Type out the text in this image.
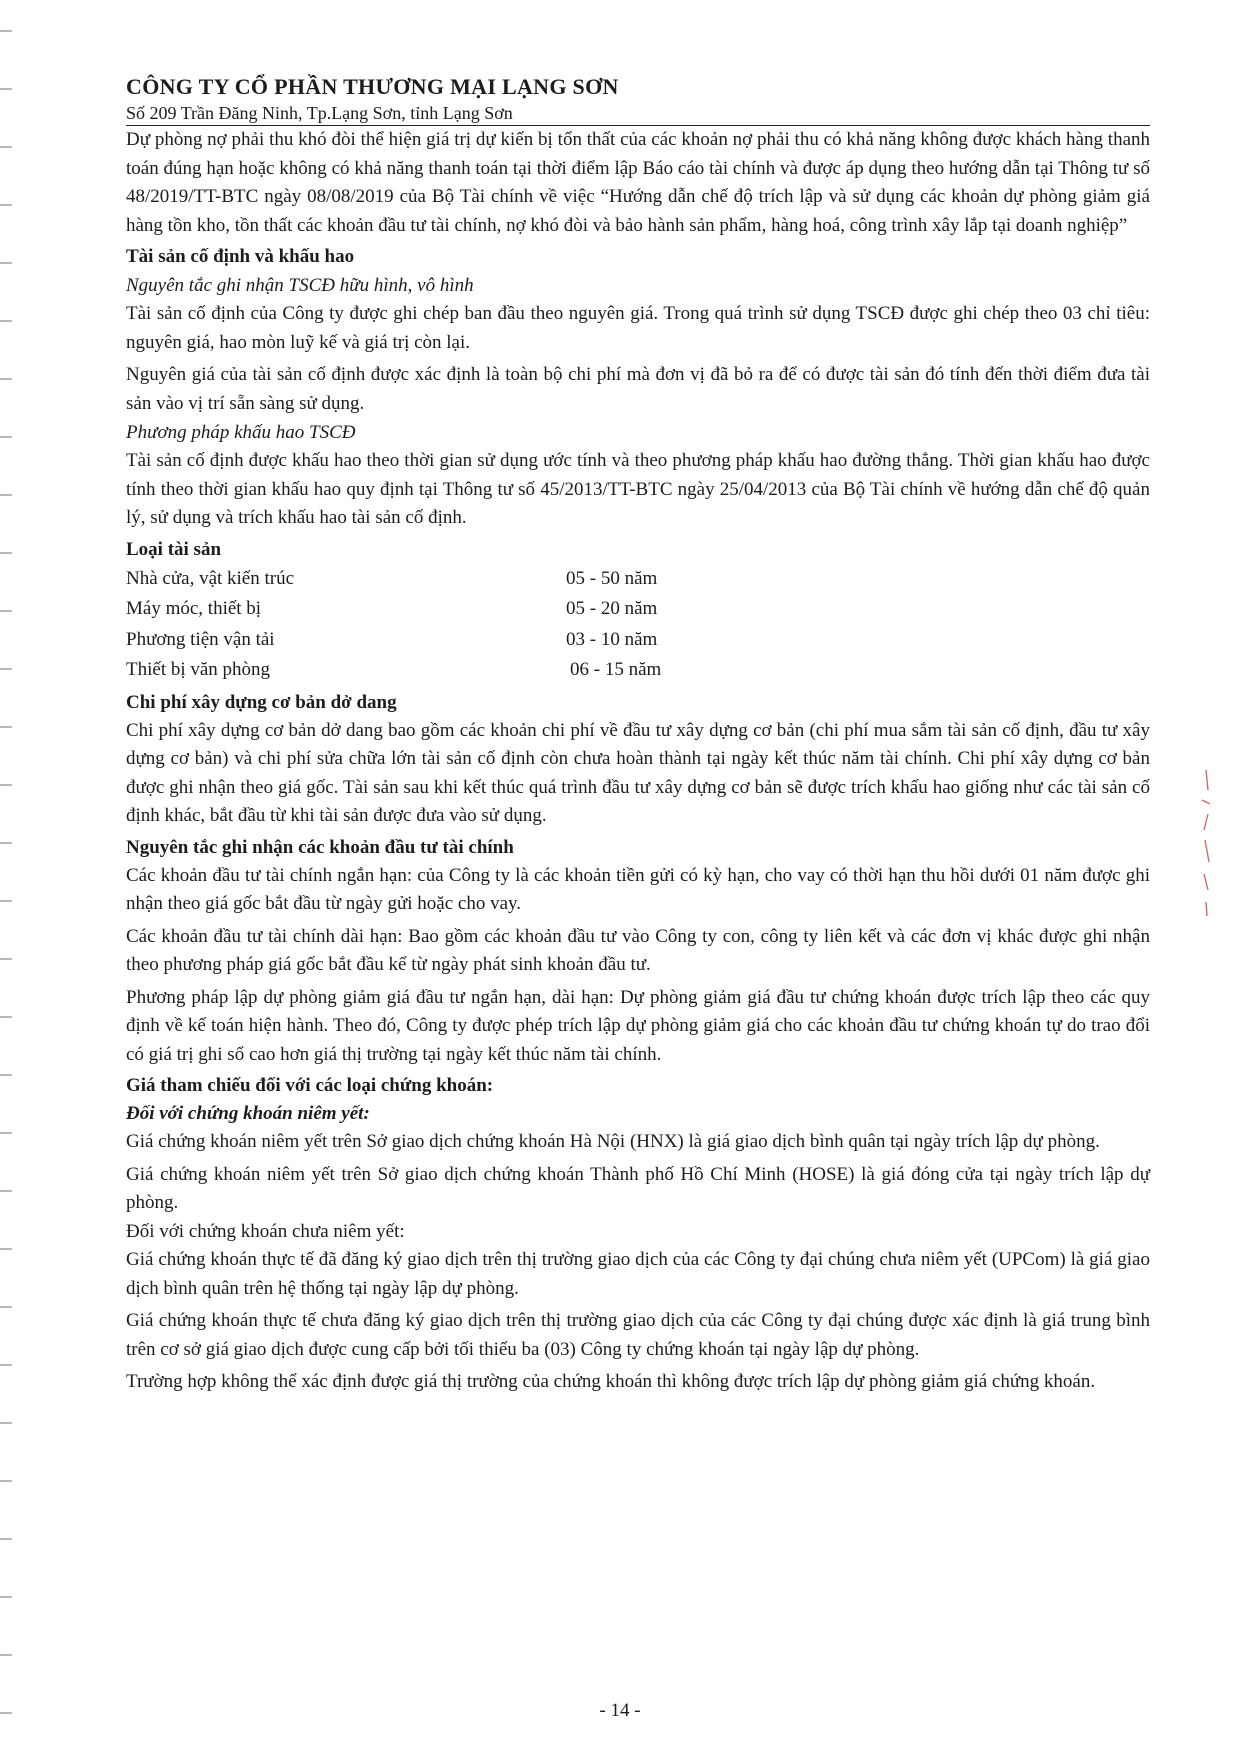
CÔNG TY CỔ PHẦN THƯƠNG MẠI LẠNG SƠN
Số 209 Trần Đăng Ninh, Tp.Lạng Sơn, tỉnh Lạng Sơn

Dự phòng nợ phải thu khó đòi thể hiện giá trị dự kiến bị tổn thất của các khoản nợ phải thu có khả năng không được khách hàng thanh toán đúng hạn hoặc không có khả năng thanh toán tại thời điểm lập Báo cáo tài chính và được áp dụng theo hướng dẫn tại Thông tư số 48/2019/TT-BTC ngày 08/08/2019 của Bộ Tài chính về việc “Hướng dẫn chế độ trích lập và sử dụng các khoản dự phòng giảm giá hàng tồn kho, tồn thất các khoản đầu tư tài chính, nợ khó đòi và bảo hành sản phẩm, hàng hoá, công trình xây lắp tại doanh nghiệp”

Tài sản cố định và khấu hao
Nguyên tắc ghi nhận TSCĐ hữu hình, vô hình

Tài sản cố định của Công ty được ghi chép ban đầu theo nguyên giá. Trong quá trình sử dụng TSCĐ được ghi chép theo 03 chỉ tiêu: nguyên giá, hao mòn luỹ kế và giá trị còn lại.

Nguyên giá của tài sản cố định được xác định là toàn bộ chi phí mà đơn vị đã bỏ ra để có được tài sản đó tính đến thời điểm đưa tài sản vào vị trí sẵn sàng sử dụng.

Phương pháp khấu hao TSCĐ

Tài sản cố định được khấu hao theo thời gian sử dụng ước tính và theo phương pháp khấu hao đường thẳng. Thời gian khấu hao được tính theo thời gian khấu hao quy định tại Thông tư số 45/2013/TT-BTC ngày 25/04/2013 của Bộ Tài chính về hướng dẫn chế độ quản lý, sử dụng và trích khấu hao tài sản cố định.

Loại tài sản
Nhà cửa, vật kiến trúc	05 - 50 năm
Máy móc, thiết bị	05 - 20 năm
Phương tiện vận tải	03 - 10 năm
Thiết bị văn phòng	06 - 15 năm
Chi phí xây dựng cơ bản dở dang

Chi phí xây dựng cơ bản dở dang bao gồm các khoản chi phí về đầu tư xây dựng cơ bản (chi phí mua sắm tài sản cố định, đầu tư xây dựng cơ bản) và chi phí sửa chữa lớn tài sản cố định còn chưa hoàn thành tại ngày kết thúc năm tài chính. Chi phí xây dựng cơ bản được ghi nhận theo giá gốc. Tài sản sau khi kết thúc quá trình đầu tư xây dựng cơ bản sẽ được trích khấu hao giống như các tài sản cố định khác, bắt đầu từ khi tài sản được đưa vào sử dụng.

Nguyên tắc ghi nhận các khoản đầu tư tài chính

Các khoản đầu tư tài chính ngắn hạn: của Công ty là các khoản tiền gửi có kỳ hạn, cho vay có thời hạn thu hồi dưới 01 năm được ghi nhận theo giá gốc bắt đầu từ ngày gửi hoặc cho vay.

Các khoản đầu tư tài chính dài hạn: Bao gồm các khoản đầu tư vào Công ty con, công ty liên kết và các đơn vị khác được ghi nhận theo phương pháp giá gốc bắt đầu kể từ ngày phát sinh khoản đầu tư.

Phương pháp lập dự phòng giảm giá đầu tư ngắn hạn, dài hạn: Dự phòng giảm giá đầu tư chứng khoán được trích lập theo các quy định về kế toán hiện hành. Theo đó, Công ty được phép trích lập dự phòng giảm giá cho các khoản đầu tư chứng khoán tự do trao đổi có giá trị ghi sổ cao hơn giá thị trường tại ngày kết thúc năm tài chính.

Giá tham chiếu đối với các loại chứng khoán:
Đối với chứng khoán niêm yết:

Giá chứng khoán niêm yết trên Sở giao dịch chứng khoán Hà Nội (HNX) là giá giao dịch bình quân tại ngày trích lập dự phòng.

Giá chứng khoán niêm yết trên Sở giao dịch chứng khoán Thành phố Hồ Chí Minh (HOSE) là giá đóng cửa tại ngày trích lập dự phòng.

Đối với chứng khoán chưa niêm yết:

Giá chứng khoán thực tế đã đăng ký giao dịch trên thị trường giao dịch của các Công ty đại chúng chưa niêm yết (UPCom) là giá giao dịch bình quân trên hệ thống tại ngày lập dự phòng.

Giá chứng khoán thực tế chưa đăng ký giao dịch trên thị trường giao dịch của các Công ty đại chúng được xác định là giá trung bình trên cơ sở giá giao dịch được cung cấp bởi tối thiểu ba (03) Công ty chứng khoán tại ngày lập dự phòng.

Trường hợp không thể xác định được giá thị trường của chứng khoán thì không được trích lập dự phòng giảm giá chứng khoán.

- 14 -
